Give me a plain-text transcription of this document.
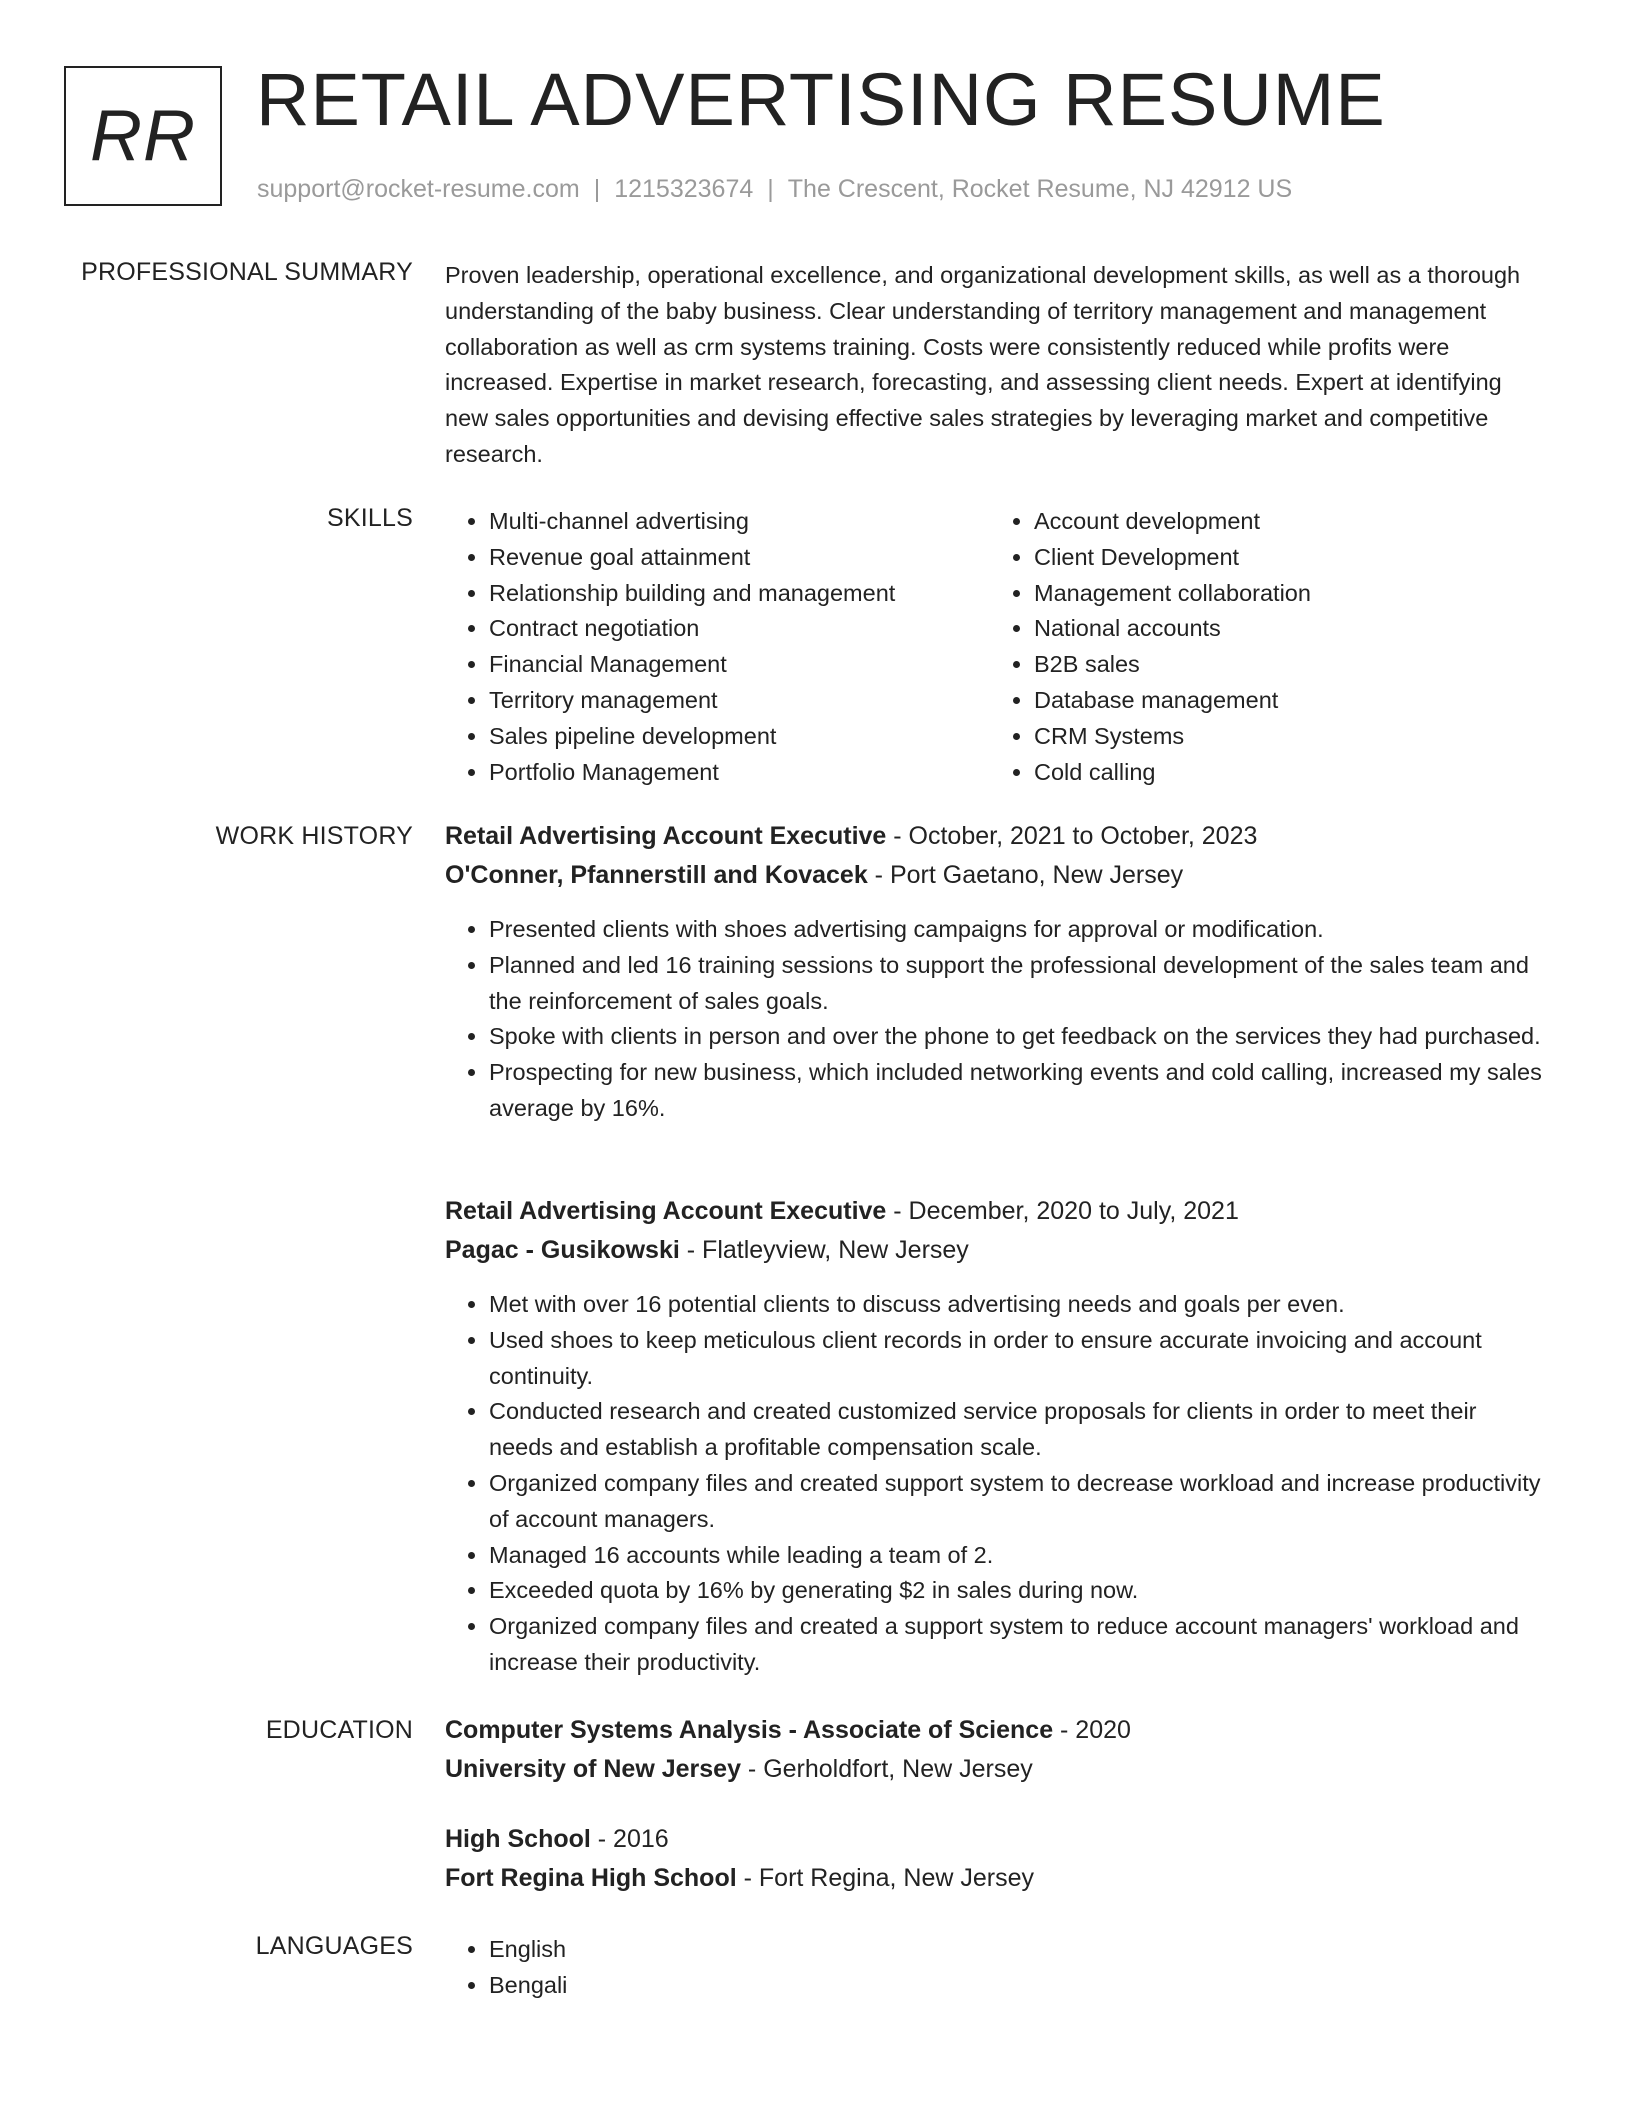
RR RETAIL ADVERTISING RESUME
support@rocket-resume.com | 1215323674 | The Crescent, Rocket Resume, NJ 42912 US
PROFESSIONAL SUMMARY Proven leadership, operational excellence, and organizational development skills, as well as a thorough understanding of the baby business. Clear understanding of territory management and management collaboration as well as crm systems training. Costs were consistently reduced while profits were increased. Expertise in market research, forecasting, and assessing client needs. Expert at identifying new sales opportunities and devising effective sales strategies by leveraging market and competitive research.

SKILLS	• Multi-channel advertising
• Revenue goal attainment
• Relationship building and management
• Contract negotiation
• Financial Management
• Territory management
• Sales pipeline development
• Portfolio Management
• Account development
• Client Development
• Management collaboration
• National accounts
• B2B sales
• Database management
• CRM Systems
• Cold calling
WORK HISTORY Retail Advertising Account Executive - October, 2021 to October, 2023
O'Conner, Pfannerstill and Kovacek - Port Gaetano, New Jersey
• Presented clients with shoes advertising campaigns for approval or modification.
• Planned and led 16 training sessions to support the professional development of the sales team and the reinforcement of sales goals.
• Spoke with clients in person and over the phone to get feedback on the services they had purchased.
• Prospecting for new business, which included networking events and cold calling, increased my sales average by 16%.
Retail Advertising Account Executive - December, 2020 to July, 2021
Pagac - Gusikowski - Flatleyview, New Jersey
• Met with over 16 potential clients to discuss advertising needs and goals per even.
• Used shoes to keep meticulous client records in order to ensure accurate invoicing and account continuity.
• Conducted research and created customized service proposals for clients in order to meet their needs and establish a profitable compensation scale.
• Organized company files and created support system to decrease workload and increase productivity of account managers.
• Managed 16 accounts while leading a team of 2.
• Exceeded quota by 16% by generating $2 in sales during now.
• Organized company files and created a support system to reduce account managers' workload and increase their productivity.
EDUCATION Computer Systems Analysis - Associate of Science - 2020
University of New Jersey - Gerholdfort, New Jersey
High School - 2016
Fort Regina High School - Fort Regina, New Jersey
LANGUAGES	• English
• Bengali
